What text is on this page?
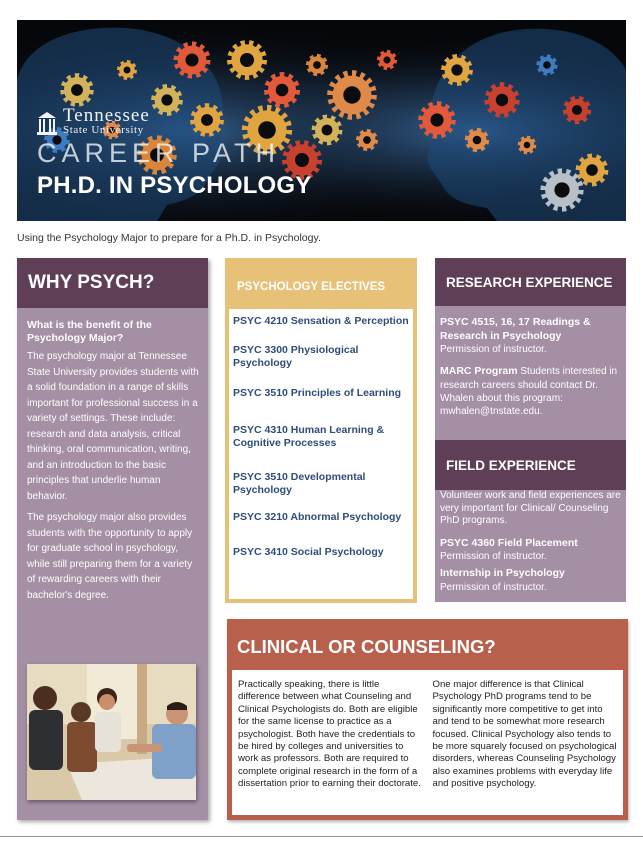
Tennessee
State University
CAREER PATH
PH.D. IN PSYCHOLOGY
Using the Psychology Major to prepare for a Ph.D. in Psychology.
WHY PSYCH?

What is the benefit of the Psychology Major?

The psychology major at Tennessee State University provides students with a solid foundation in a range of skills important for professional success in a variety of settings. These include: research and data analysis, critical thinking, oral communication, writing, and an introduction to the basic principles that underlie human behavior.

The psychology major also provides students with the opportunity to apply for graduate school in psychology, while still preparing them for a variety of rewarding careers with their bachelor's degree.

PSYCHOLOGY ELECTIVES
PSYC 4210 Sensation & Perception
PSYC 3300 Physiological Psychology
PSYC 3510 Principles of Learning
PSYC 4310 Human Learning & Cognitive Processes
PSYC 3510 Developmental Psychology
PSYC 3210 Abnormal Psychology
PSYC 3410 Social Psychology
RESEARCH EXPERIENCE
PSYC 4515, 16, 17 Readings & Research in Psychology
Permission of instructor.
MARC Program Students interested in research careers should contact Dr. Whalen about this program: mwhalen@tnstate.edu.
FIELD EXPERIENCE
Volunteer work and field experiences are very important for Clinical/ Counseling PhD programs.
PSYC 4360 Field Placement
Permission of instructor.
Internship in Psychology
Permission of instructor.
CLINICAL OR COUNSELING?
Practically speaking, there is little difference between what Counseling and Clinical Psychologists do. Both are eligible for the same license to practice as a psychologist. Both have the credentials to be hired by colleges and universities to work as professors. Both are required to complete original research in the form of a dissertation prior to earning their doctorate.
One major difference is that Clinical Psychology PhD programs tend to be significantly more competitive to get into and tend to be somewhat more research focused. Clinical Psychology also tends to be more squarely focused on psychological disorders, whereas Counseling Psychology also examines problems with everyday life and positive psychology.
